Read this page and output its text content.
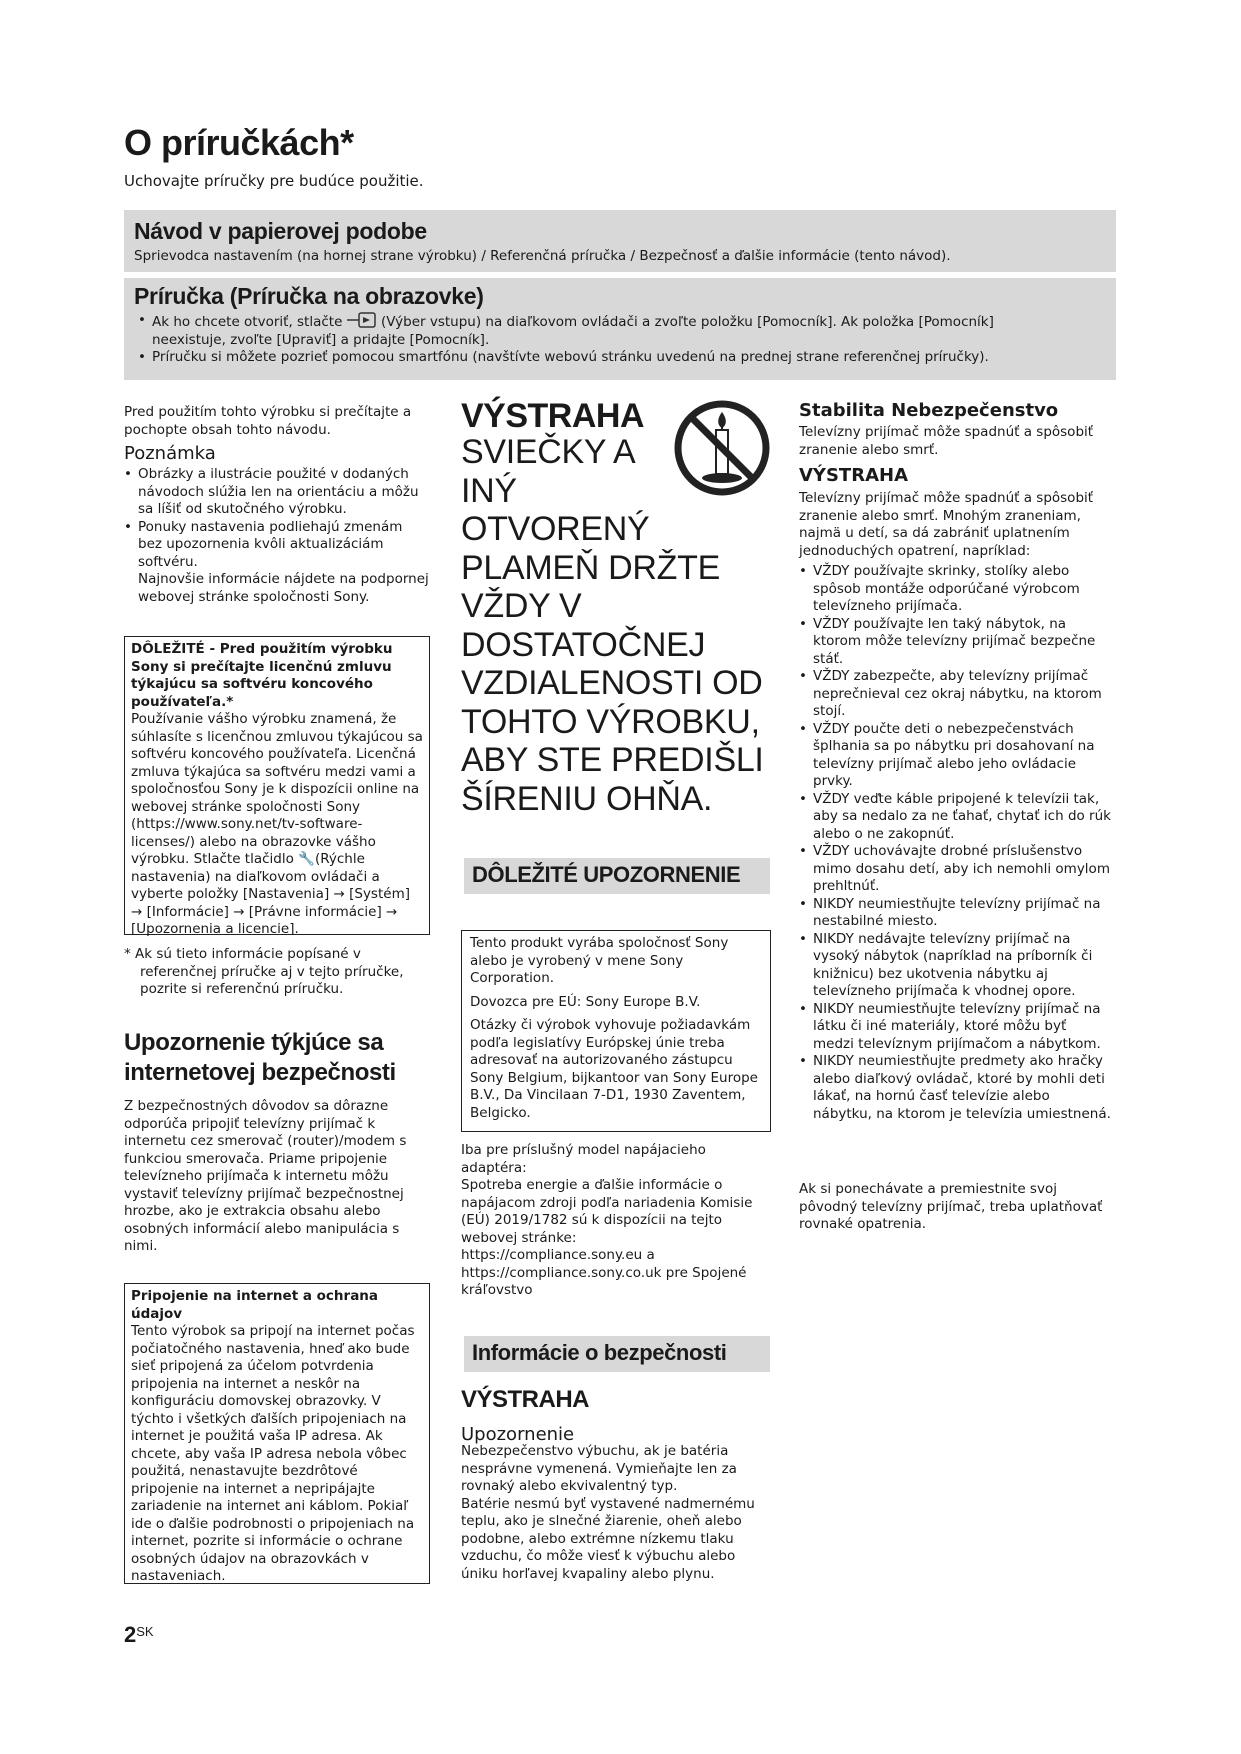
O príručkách*
Uchovajte príručky pre budúce použitie.
Návod v papierovej podobe
Sprievodca nastavením (na hornej strane výrobku) / Referenčná príručka / Bezpečnosť a ďalšie informácie (tento návod).
Príručka (Príručka na obrazovke)
• Ak ho chcete otvoriť, stlačte	(Výber vstupu) na diaľkovom ovládači a zvoľte položku [Pomocník]. Ak položka [Pomocník]
neexistuje, zvoľte [Upraviť] a pridajte [Pomocník].
• Príručku si môžete pozrieť pomocou smartfónu (navštívte webovú stránku uvedenú na prednej strane referenčnej príručky).
Pred použitím tohto výrobku si prečítajte a pochopte obsah tohto návodu.
Poznámka
• Obrázky a ilustrácie použité v dodaných návodoch slúžia len na orientáciu a môžu sa líšiť od skutočného výrobku.
• Ponuky nastavenia podliehajú zmenám bez upozornenia kvôli aktualizáciám softvéru.
Najnovšie informácie nájdete na podpornej webovej stránke spoločnosti Sony.
DÔLEŽITÉ - Pred použitím výrobku Sony si prečítajte licenčnú zmluvu týkajúcu sa softvéru koncového používateľa.*
Používanie vášho výrobku znamená, že súhlasíte s licenčnou zmluvou týkajúcou sa softvéru koncového používateľa. Licenčná zmluva týkajúca sa softvéru medzi vami a spoločnosťou Sony je k dispozícii online na webovej stránke spoločnosti Sony (https://www.sony.net/tv-software-licenses/) alebo na obrazovke vášho výrobku. Stlačte tlačidlo 🔧(Rýchle nastavenia) na diaľkovom ovládači a vyberte položky [Nastavenia] → [Systém] → [Informácie] → [Právne informácie] → [Upozornenia a licencie].
* Ak sú tieto informácie popísané v referenčnej príručke aj v tejto príručke, pozrite si referenčnú príručku.
Upozornenie týkjúce sa internetovej bezpečnosti
Z bezpečnostných dôvodov sa dôrazne odporúča pripojiť televízny prijímač k internetu cez smerovač (router)/modem s funkciou smerovača. Priame pripojenie televízneho prijímača k internetu môžu vystaviť televízny prijímač bezpečnostnej hrozbe, ako je extrakcia obsahu alebo osobných informácií alebo manipulácia s nimi.
Pripojenie na internet a ochrana údajov
Tento výrobok sa pripojí na internet počas počiatočného nastavenia, hneď ako bude sieť pripojená za účelom potvrdenia pripojenia na internet a neskôr na konfiguráciu domovskej obrazovky. V týchto i všetkých ďalších pripojeniach na internet je použitá vaša IP adresa. Ak chcete, aby vaša IP adresa nebola vôbec použitá, nenastavujte bezdrôtové pripojenie na internet a nepripájajte zariadenie na internet ani káblom. Pokiaľ ide o ďalšie podrobnosti o pripojeniach na internet, pozrite si informácie o ochrane osobných údajov na obrazovkách v nastaveniach.
$2^{SK}$
VÝSTRAHA
SVIEČKY A
INÝ
OTVORENÝ
PLAMEŇ DRŽTE
VŽDY V
DOSTATOČNEJ
VZDIALENOSTI OD
TOHTO VÝROBKU,
ABY STE PREDIŠLI
ŠÍRENIU OHŇA.
DÔLEŽITÉ UPOZORNENIE

Tento produkt vyrába spoločnosť Sony alebo je vyrobený v mene Sony Corporation.

Dovozca pre EÚ: Sony Europe B.V.

Otázky či výrobok vyhovuje požiadavkám podľa legislatívy Európskej únie treba adresovať na autorizovaného zástupcu Sony Belgium, bijkantoor van Sony Europe B.V., Da Vincilaan 7-D1, 1930 Zaventem, Belgicko.

Iba pre príslušný model napájacieho adaptéra:

Spotreba energie a ďalšie informácie o napájacom zdroji podľa nariadenia Komisie (EÚ) 2019/1782 sú k dispozícii na tejto webovej stránke:

https://compliance.sony.eu a

https://compliance.sony.co.uk pre Spojené kráľovstvo

Informácie o bezpečnosti
VÝSTRAHA
Upozornenie

Nebezpečenstvo výbuchu, ak je batéria nesprávne vymenená. Vymieňajte len za rovnaký alebo ekvivalentný typ.

Batérie nesmú byť vystavené nadmernému teplu, ako je slnečné žiarenie, oheň alebo podobne, alebo extrémne nízkemu tlaku vzduchu, čo môže viesť k výbuchu alebo úniku horľavej kvapaliny alebo plynu.

Stabilita Nebezpečenstvo
Televízny prijímač môže spadnúť a spôsobiť zranenie alebo smrť.
VÝSTRAHA
Televízny prijímač môže spadnúť a spôsobiť zranenie alebo smrť. Mnohým zraneniam, najmä u detí, sa dá zabrániť uplatnením jednoduchých opatrení, napríklad:
• VŽDY používajte skrinky, stolíky alebo spôsob montáže odporúčané výrobcom televízneho prijímača.
• VŽDY používajte len taký nábytok, na ktorom môže televízny prijímač bezpečne stáť.
• VŽDY zabezpečte, aby televízny prijímač neprečnieval cez okraj nábytku, na ktorom stojí.
• VŽDY poučte deti o nebezpečenstvách šplhania sa po nábytku pri dosahovaní na televízny prijímač alebo jeho ovládacie prvky.
• VŽDY veďte káble pripojené k televízii tak, aby sa nedalo za ne ťahať, chytať ich do rúk alebo o ne zakopnúť.
• VŽDY uchovávajte drobné príslušenstvo mimo dosahu detí, aby ich nemohli omylom prehltnúť.
• NIKDY neumiestňujte televízny prijímač na nestabilné miesto.
• NIKDY nedávajte televízny prijímač na vysoký nábytok (napríklad na príborník či knižnicu) bez ukotvenia nábytku aj televízneho prijímača k vhodnej opore.
• NIKDY neumiestňujte televízny prijímač na látku či iné materiály, ktoré môžu byť medzi televíznym prijímačom a nábytkom.
• NIKDY neumiestňujte predmety ako hračky alebo diaľkový ovládač, ktoré by mohli deti lákať, na hornú časť televízie alebo nábytku, na ktorom je televízia umiestnená.
Ak si ponechávate a premiestnite svoj pôvodný televízny prijímač, treba uplatňovať rovnaké opatrenia.
